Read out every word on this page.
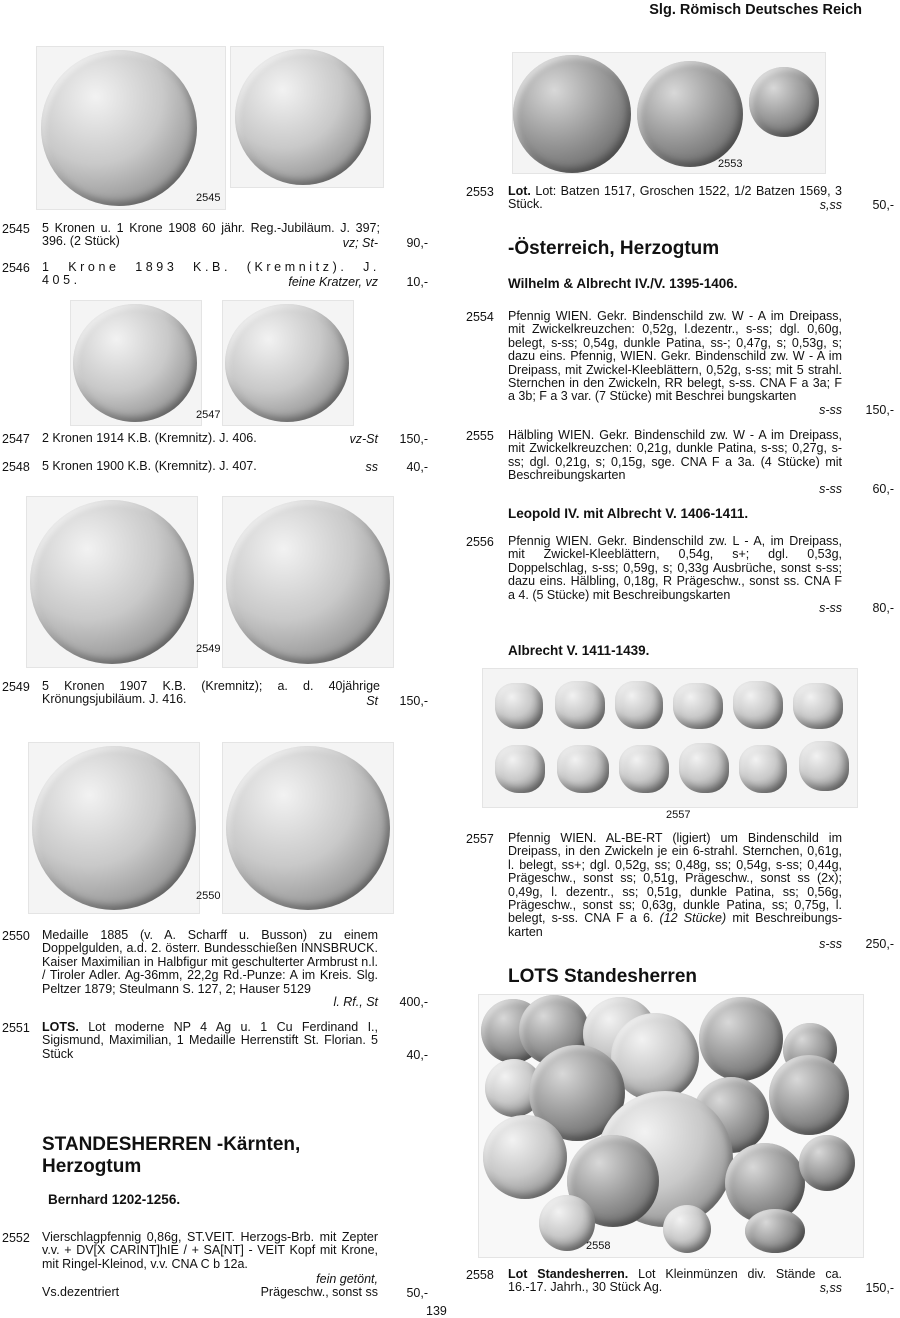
Slg. Römisch Deutsches Reich
2545
2545 5 Kronen u. 1 Krone 1908 60 jähr. Reg.-Jubiläum. J. 397; 396. (2 Stück)	vz; St-	90,-
2546 1 Krone 1893 K.B. (Kremnitz). J. 405.	feine Kratzer, vz	10,-
2547
2547 2 Kronen 1914 K.B. (Kremnitz). J. 406.	vz-St	150,-
2548 5 Kronen 1900 K.B. (Kremnitz). J. 407.	ss	40,-
2549
2549 5 Kronen 1907 K.B. (Kremnitz); a. d. 40jährige Krönungsjubiläum. J. 416.	St	150,-
2550
2550 Medaille 1885 (v. A. Scharff u. Busson) zu einem Doppelgulden, a.d. 2. österr. Bundesschießen INNSBRUCK. Kaiser Maximilian in Halbfigur mit geschulterter Armbrust n.l. / Tiroler Adler. Ag-36mm, 22,2g Rd.-Punze: A im Kreis. Slg. Peltzer 1879; Steulmann S. 127, 2; Hauser 5129
l. Rf., St	400,-
2551 LOTS. Lot moderne NP 4 Ag u. 1 Cu Ferdinand I., Sigismund, Maximilian, 1 Medaille Herrenstift St. Florian. 5 Stück	40,-
STANDESHERREN -Kärnten, Herzogtum
Bernhard 1202-1256.
2552 Vierschlagpfennig 0,86g, ST.VEIT. Herzogs-Brb. mit Zepter v.v. + DV[X CARINT]hIE / + SA[NT] - VEIT Kopf mit Krone, mit Ringel-Kleinod, v.v. CNA C b 12a.
fein getönt,
Vs.dezentriert	Prägeschw., sonst ss	50,-
139
2553
2553 Lot. Lot: Batzen 1517, Groschen 1522, 1/2 Batzen 1569, 3 Stück.	s,ss	50,-
-Österreich, Herzogtum
Wilhelm & Albrecht IV./V. 1395-1406.
2554 Pfennig WIEN. Gekr. Bindenschild zw. W - A im Dreipass, mit Zwickelkreuzchen: 0,52g, l.dezentr., s-ss; dgl. 0,60g, belegt, s-ss; 0,54g, dunkle Patina, ss-; 0,47g, s; 0,53g, s; dazu eins. Pfennig, WIEN. Gekr. Bindenschild zw. W - A im Dreipass, mit Zwickel-Kleeblättern, 0,52g, s-ss; mit 5 strahl. Sternchen in den Zwickeln, RR belegt, s-ss. CNA F a 3a; F a 3b; F a 3 var. (7 Stücke) mit Beschrei bungskarten
s-ss	150,-
2555 Hälbling WIEN. Gekr. Bindenschild zw. W - A im Dreipass, mit Zwickelkreuzchen: 0,21g, dunkle Patina, s-ss; 0,27g, s-ss; dgl. 0,21g, s; 0,15g, sge. CNA F a 3a. (4 Stücke) mit Beschreibungskarten
s-ss	60,-
Leopold IV. mit Albrecht V. 1406-1411.
2556 Pfennig WIEN. Gekr. Bindenschild zw. L - A, im Dreipass, mit Zwickel-Kleeblättern, 0,54g, s+; dgl. 0,53g, Doppelschlag, s-ss; 0,59g, s; 0,33g Ausbrüche, sonst s-ss; dazu eins. Hälbling, 0,18g, R Prägeschw., sonst ss. CNA F a 4. (5 Stücke) mit Beschreibungskarten
s-ss	80,-
Albrecht V. 1411-1439.
2557
2557 Pfennig WIEN. AL-BE-RT (ligiert) um Bindenschild im Dreipass, in den Zwickeln je ein 6-strahl. Sternchen, 0,61g, l. belegt, ss+; dgl. 0,52g, ss; 0,48g, ss; 0,54g, s-ss; 0,44g, Prägeschw., sonst ss; 0,51g, Prägeschw., sonst ss (2x); 0,49g, l. dezentr., ss; 0,51g, dunkle Patina, ss; 0,56g, Prägeschw., sonst ss; 0,63g, dunkle Patina, ss; 0,75g, l. belegt, s-ss. CNA F a 6. (12 Stücke) mit Beschreibungs-karten
s-ss	250,-
LOTS Standesherren
2558
2558 Lot Standesherren. Lot Kleinmünzen div. Stände ca. 16.-17. Jahrh., 30 Stück Ag.	s,ss	150,-
